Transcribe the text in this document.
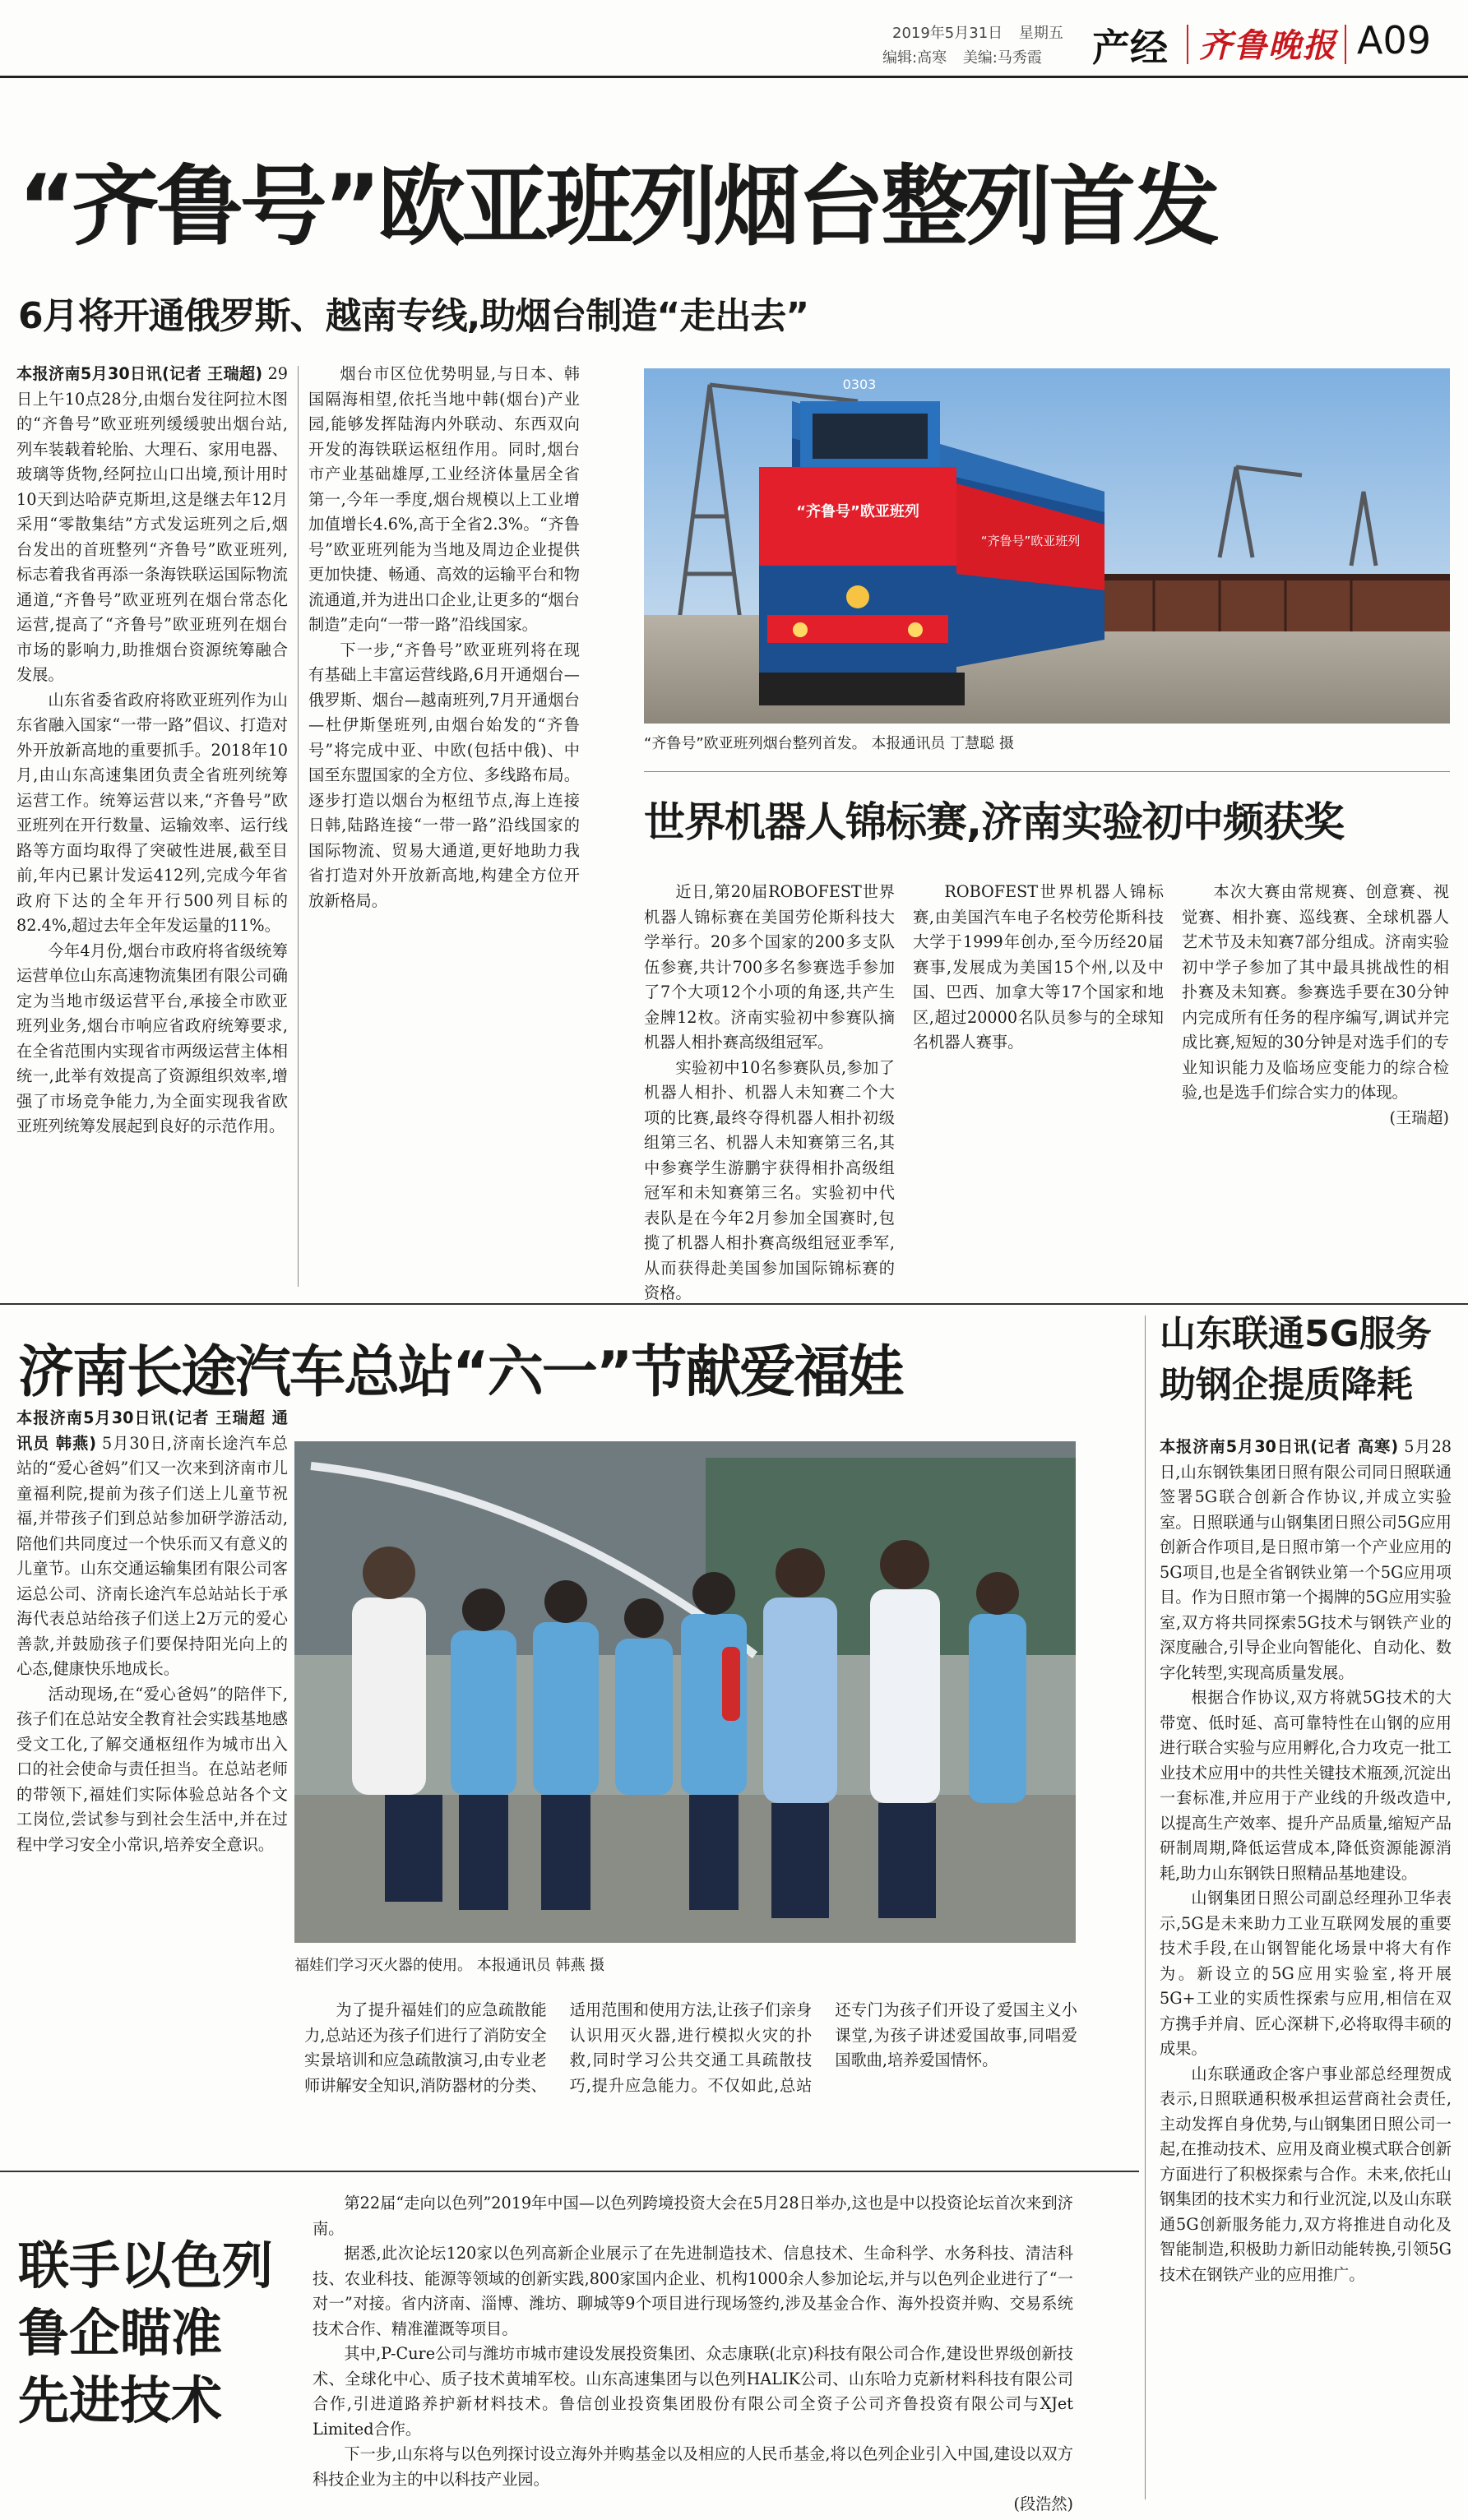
2019年5月31日 星期五
编辑:高寒 美编:马秀霞 产经 齐鲁晚报 A09
“齐鲁号”欧亚班列烟台整列首发
6月将开通俄罗斯、越南专线,助烟台制造“走出去”

本报济南5月30日讯(记者 王瑞超) 29日上午10点28分,由烟台发往阿拉木图的“齐鲁号”欧亚班列缓缓驶出烟台站,列车装载着轮胎、大理石、家用电器、玻璃等货物,经阿拉山口出境,预计用时10天到达哈萨克斯坦,这是继去年12月采用“零散集结”方式发运班列之后,烟台发出的首班整列“齐鲁号”欧亚班列,标志着我省再添一条海铁联运国际物流通道,“齐鲁号”欧亚班列在烟台常态化运营,提高了“齐鲁号”欧亚班列在烟台市场的影响力,助推烟台资源统筹融合发展。

山东省委省政府将欧亚班列作为山东省融入国家“一带一路”倡议、打造对外开放新高地的重要抓手。2018年10月,由山东高速集团负责全省班列统筹运营工作。统筹运营以来,“齐鲁号”欧亚班列在开行数量、运输效率、运行线路等方面均取得了突破性进展,截至目前,年内已累计发运412列,完成今年省政府下达的全年开行500列目标的82.4%,超过去年全年发运量的11%。

今年4月份,烟台市政府将省级统筹运营单位山东高速物流集团有限公司确定为当地市级运营平台,承接全市欧亚班列业务,烟台市响应省政府统筹要求,在全省范围内实现省市两级运营主体相统一,此举有效提高了资源组织效率,增强了市场竞争能力,为全面实现我省欧亚班列统筹发展起到良好的示范作用。

烟台市区位优势明显,与日本、韩国隔海相望,依托当地中韩(烟台)产业园,能够发挥陆海内外联动、东西双向开发的海铁联运枢纽作用。同时,烟台市产业基础雄厚,工业经济体量居全省第一,今年一季度,烟台规模以上工业增加值增长4.6%,高于全省2.3%。“齐鲁号”欧亚班列能为当地及周边企业提供更加快捷、畅通、高效的运输平台和物流通道,并为进出口企业,让更多的“烟台制造”走向“一带一路”沿线国家。

下一步,“齐鲁号”欧亚班列将在现有基础上丰富运营线路,6月开通烟台—俄罗斯、烟台—越南班列,7月开通烟台—杜伊斯堡班列,由烟台始发的“齐鲁号”将完成中亚、中欧(包括中俄)、中国至东盟国家的全方位、多线路布局。逐步打造以烟台为枢纽节点,海上连接日韩,陆路连接“一带一路”沿线国家的国际物流、贸易大通道,更好地助力我省打造对外开放新高地,构建全方位开放新格局。

0303
“齐鲁号”欧亚班列
“齐鲁号”欧亚班列
“齐鲁号”欧亚班列烟台整列首发。 本报通讯员 丁慧聪 摄
世界机器人锦标赛,济南实验初中频获奖

近日,第20届ROBOFEST世界机器人锦标赛在美国劳伦斯科技大学举行。20多个国家的200多支队伍参赛,共计700多名参赛选手参加了7个大项12个小项的角逐,共产生金牌12枚。济南实验初中参赛队摘机器人相扑赛高级组冠军。

实验初中10名参赛队员,参加了机器人相扑、机器人未知赛二个大项的比赛,最终夺得机器人相扑初级组第三名、机器人未知赛第三名,其中参赛学生游鹏宇获得相扑高级组冠军和未知赛第三名。实验初中代表队是在今年2月参加全国赛时,包揽了机器人相扑赛高级组冠亚季军,从而获得赴美国参加国际锦标赛的资格。

ROBOFEST世界机器人锦标赛,由美国汽车电子名校劳伦斯科技大学于1999年创办,至今历经20届赛事,发展成为美国15个州,以及中国、巴西、加拿大等17个国家和地区,超过20000名队员参与的全球知名机器人赛事。

本次大赛由常规赛、创意赛、视觉赛、相扑赛、巡线赛、全球机器人艺术节及未知赛7部分组成。济南实验初中学子参加了其中最具挑战性的相扑赛及未知赛。参赛选手要在30分钟内完成所有任务的程序编写,调试并完成比赛,短短的30分钟是对选手们的专业知识能力及临场应变能力的综合检验,也是选手们综合实力的体现。

(王瑞超)

济南长途汽车总站“六一”节献爱福娃

本报济南5月30日讯(记者 王瑞超 通讯员 韩燕) 5月30日,济南长途汽车总站的“爱心爸妈”们又一次来到济南市儿童福利院,提前为孩子们送上儿童节祝福,并带孩子们到总站参加研学游活动,陪他们共同度过一个快乐而又有意义的儿童节。山东交通运输集团有限公司客运总公司、济南长途汽车总站站长于承海代表总站给孩子们送上2万元的爱心善款,并鼓励孩子们要保持阳光向上的心态,健康快乐地成长。

活动现场,在“爱心爸妈”的陪伴下,孩子们在总站安全教育社会实践基地感受文工化,了解交通枢纽作为城市出入口的社会使命与责任担当。在总站老师的带领下,福娃们实际体验总站各个文工岗位,尝试参与到社会生活中,并在过程中学习安全小常识,培养安全意识。

福娃们学习灭火器的使用。 本报通讯员 韩燕 摄

为了提升福娃们的应急疏散能力,总站还为孩子们进行了消防安全实景培训和应急疏散演习,由专业老师讲解安全知识,消防器材的分类、适用范围和使用方法,让孩子们亲身认识用灭火器,进行模拟火灾的扑救,同时学习公共交通工具疏散技巧,提升应急能力。不仅如此,总站还专门为孩子们开设了爱国主义小课堂,为孩子讲述爱国故事,同唱爱国歌曲,培养爱国情怀。

山东联通5G服务
助钢企提质降耗

本报济南5月30日讯(记者 高寒) 5月28日,山东钢铁集团日照有限公司同日照联通签署5G联合创新合作协议,并成立实验室。日照联通与山钢集团日照公司5G应用创新合作项目,是日照市第一个产业应用的5G项目,也是全省钢铁业第一个5G应用项目。作为日照市第一个揭牌的5G应用实验室,双方将共同探索5G技术与钢铁产业的深度融合,引导企业向智能化、自动化、数字化转型,实现高质量发展。

根据合作协议,双方将就5G技术的大带宽、低时延、高可靠特性在山钢的应用进行联合实验与应用孵化,合力攻克一批工业技术应用中的共性关键技术瓶颈,沉淀出一套标准,并应用于产业线的升级改造中,以提高生产效率、提升产品质量,缩短产品研制周期,降低运营成本,降低资源能源消耗,助力山东钢铁日照精品基地建设。

山钢集团日照公司副总经理孙卫华表示,5G是未来助力工业互联网发展的重要技术手段,在山钢智能化场景中将大有作为。新设立的5G应用实验室,将开展5G+工业的实质性探索与应用,相信在双方携手并肩、匠心深耕下,必将取得丰硕的成果。

山东联通政企客户事业部总经理贺成表示,日照联通积极承担运营商社会责任,主动发挥自身优势,与山钢集团日照公司一起,在推动技术、应用及商业模式联合创新方面进行了积极探索与合作。未来,依托山钢集团的技术实力和行业沉淀,以及山东联通5G创新服务能力,双方将推进自动化及智能制造,积极助力新旧动能转换,引领5G技术在钢铁产业的应用推广。

联手以色列
鲁企瞄准
先进技术

第22届“走向以色列”2019年中国—以色列跨境投资大会在5月28日举办,这也是中以投资论坛首次来到济南。

据悉,此次论坛120家以色列高新企业展示了在先进制造技术、信息技术、生命科学、水务科技、清洁科技、农业科技、能源等领域的创新实践,800家国内企业、机构1000余人参加论坛,并与以色列企业进行了“一对一”对接。省内济南、淄博、潍坊、聊城等9个项目进行现场签约,涉及基金合作、海外投资并购、交易系统技术合作、精准灌溉等项目。

其中,P-Cure公司与潍坊市城市建设发展投资集团、众志康联(北京)科技有限公司合作,建设世界级创新技术、全球化中心、质子技术黄埔军校。山东高速集团与以色列HALIK公司、山东哈力克新材料科技有限公司合作,引进道路养护新材料技术。鲁信创业投资集团股份有限公司全资子公司齐鲁投资有限公司与XJet Limited合作。

下一步,山东将与以色列探讨设立海外并购基金以及相应的人民币基金,将以色列企业引入中国,建设以双方科技企业为主的中以科技产业园。

(段浩然)
